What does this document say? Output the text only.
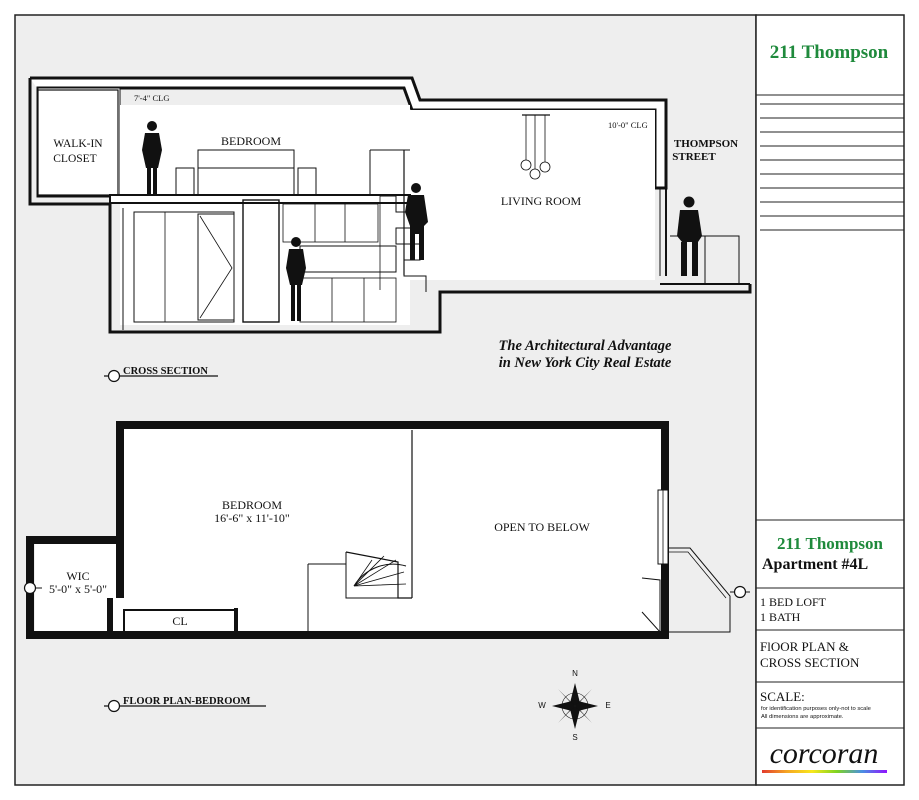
211 Thompson
211 Thompson
Apartment #4L
1 BED LOFT
1 BATH
FlOOR PLAN &
CROSS SECTION
SCALE:
for identification purposes only-not to scale
All dimensions are approximate.
corcoran
7'-4" CLG
10'-0" CLG
WALK-IN
CLOSET
BEDROOM
LIVING ROOM
THOMPSON
STREET
CROSS SECTION
The Architectural Advantage
in New York City Real Estate
BEDROOM
16'-6" x 11'-10"
OPEN TO BELOW
WIC
5'-0" x 5'-0"
CL
FLOOR PLAN-BEDROOM
N
S
E
W
